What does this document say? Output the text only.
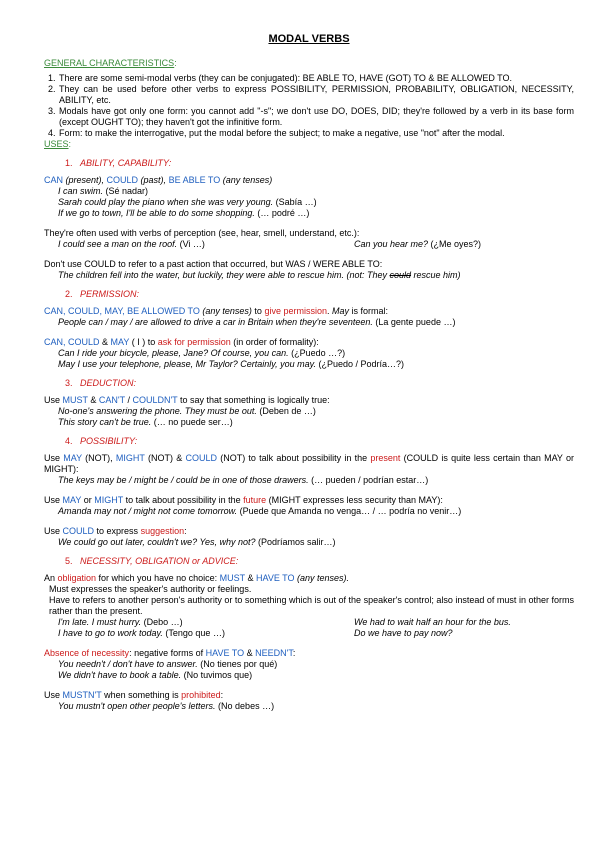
MODAL VERBS
GENERAL CHARACTERISTICS:
1. There are some semi-modal verbs (they can be conjugated): BE ABLE TO, HAVE (GOT) TO & BE ALLOWED TO.
2. They can be used before other verbs to express POSSIBILITY, PERMISSION, PROBABILITY, OBLIGATION, NECESSITY, ABILITY, etc.
3. Modals have got only one form: you cannot add "-s"; we don't use DO, DOES, DID; they're followed by a verb in its base form (except OUGHT TO); they haven't got the infinitive form.
4. Form: to make the interrogative, put the modal before the subject; to make a negative, use "not" after the modal.
USES:
1. ABILITY, CAPABILITY:
CAN (present), COULD (past), BE ABLE TO (any tenses)
I can swim. (Sé nadar)
Sarah could play the piano when she was very young. (Sabía …)
If we go to town, I'll be able to do some shopping. (… podré …)
They're often used with verbs of perception (see, hear, smell, understand, etc.):
I could see a man on the roof. (Vi …)	Can you hear me? (¿Me oyes?)
Don't use COULD to refer to a past action that occurred, but WAS / WERE ABLE TO:
The children fell into the water, but luckily, they were able to rescue him. (not: They could rescue him)
2. PERMISSION:
CAN, COULD, MAY, BE ALLOWED TO (any tenses) to give permission. May is formal:
People can / may / are allowed to drive a car in Britain when they're seventeen. (La gente puede …)
CAN, COULD & MAY ( I ) to ask for permission (in order of formality):
Can I ride your bicycle, please, Jane? Of course, you can. (¿Puedo …?)
May I use your telephone, please, Mr Taylor? Certainly, you may. (¿Puedo / Podría…?)
3. DEDUCTION:
Use MUST & CAN'T / COULDN'T to say that something is logically true:
No-one's answering the phone. They must be out. (Deben de …)
This story can't be true. (… no puede ser…)
4. POSSIBILITY:
Use MAY (NOT), MIGHT (NOT) & COULD (NOT) to talk about possibility in the present (COULD is quite less certain than MAY or MIGHT):
The keys may be / might be / could be in one of those drawers. (… pueden / podrían estar…)
Use MAY or MIGHT to talk about possibility in the future (MIGHT expresses less security than MAY):
Amanda may not / might not come tomorrow. (Puede que Amanda no venga… / … podría no venir…)
Use COULD to express suggestion:
We could go out later, couldn't we? Yes, why not? (Podríamos salir…)
5. NECESSITY, OBLIGATION or ADVICE:
An obligation for which you have no choice: MUST & HAVE TO (any tenses).
Must expresses the speaker's authority or feelings.
Have to refers to another person's authority or to something which is out of the speaker's control; also instead of must in other forms rather than the present.
I'm late. I must hurry. (Debo …)	We had to wait half an hour for the bus.
I have to go to work today. (Tengo que …)	Do we have to pay now?
Absence of necessity: negative forms of HAVE TO & NEEDN'T:
You needn't / don't have to answer. (No tienes por qué)
We didn't have to book a table. (No tuvimos que)
Use MUSTN'T when something is prohibited:
You mustn't open other people's letters. (No debes …)
